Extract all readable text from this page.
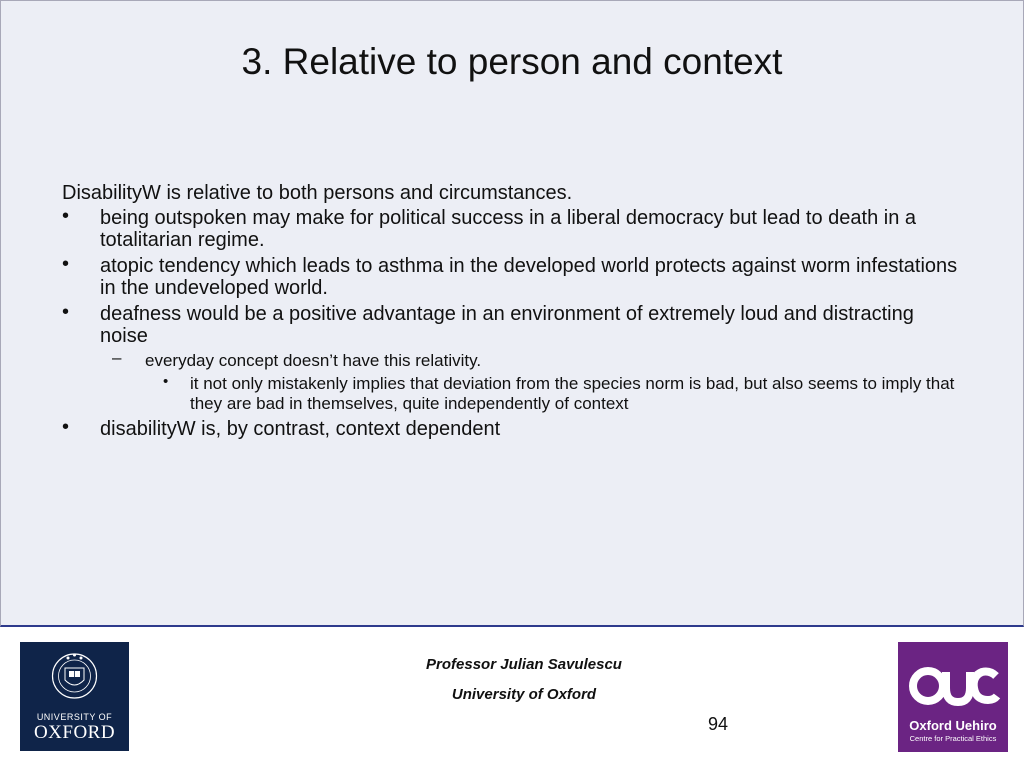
3. Relative to person and context
DisabilityW is relative to both persons and circumstances.
• being outspoken may make for political success in a liberal democracy but lead to death in a totalitarian regime.
• atopic tendency which leads to asthma in the developed world protects against worm infestations in the undeveloped world.
• deafness would be a positive advantage in an environment of extremely loud and distracting noise
– everyday concept doesn’t have this relativity.
• it not only mistakenly implies that deviation from the species norm is bad, but also seems to imply that they are bad in themselves, quite independently of context
• disabilityW is, by contrast, context dependent
UNIVERSITY OF
OXFORD
Professor Julian Savulescu
University of Oxford
94	Oxford Uehiro
Centre for Practical Ethics
